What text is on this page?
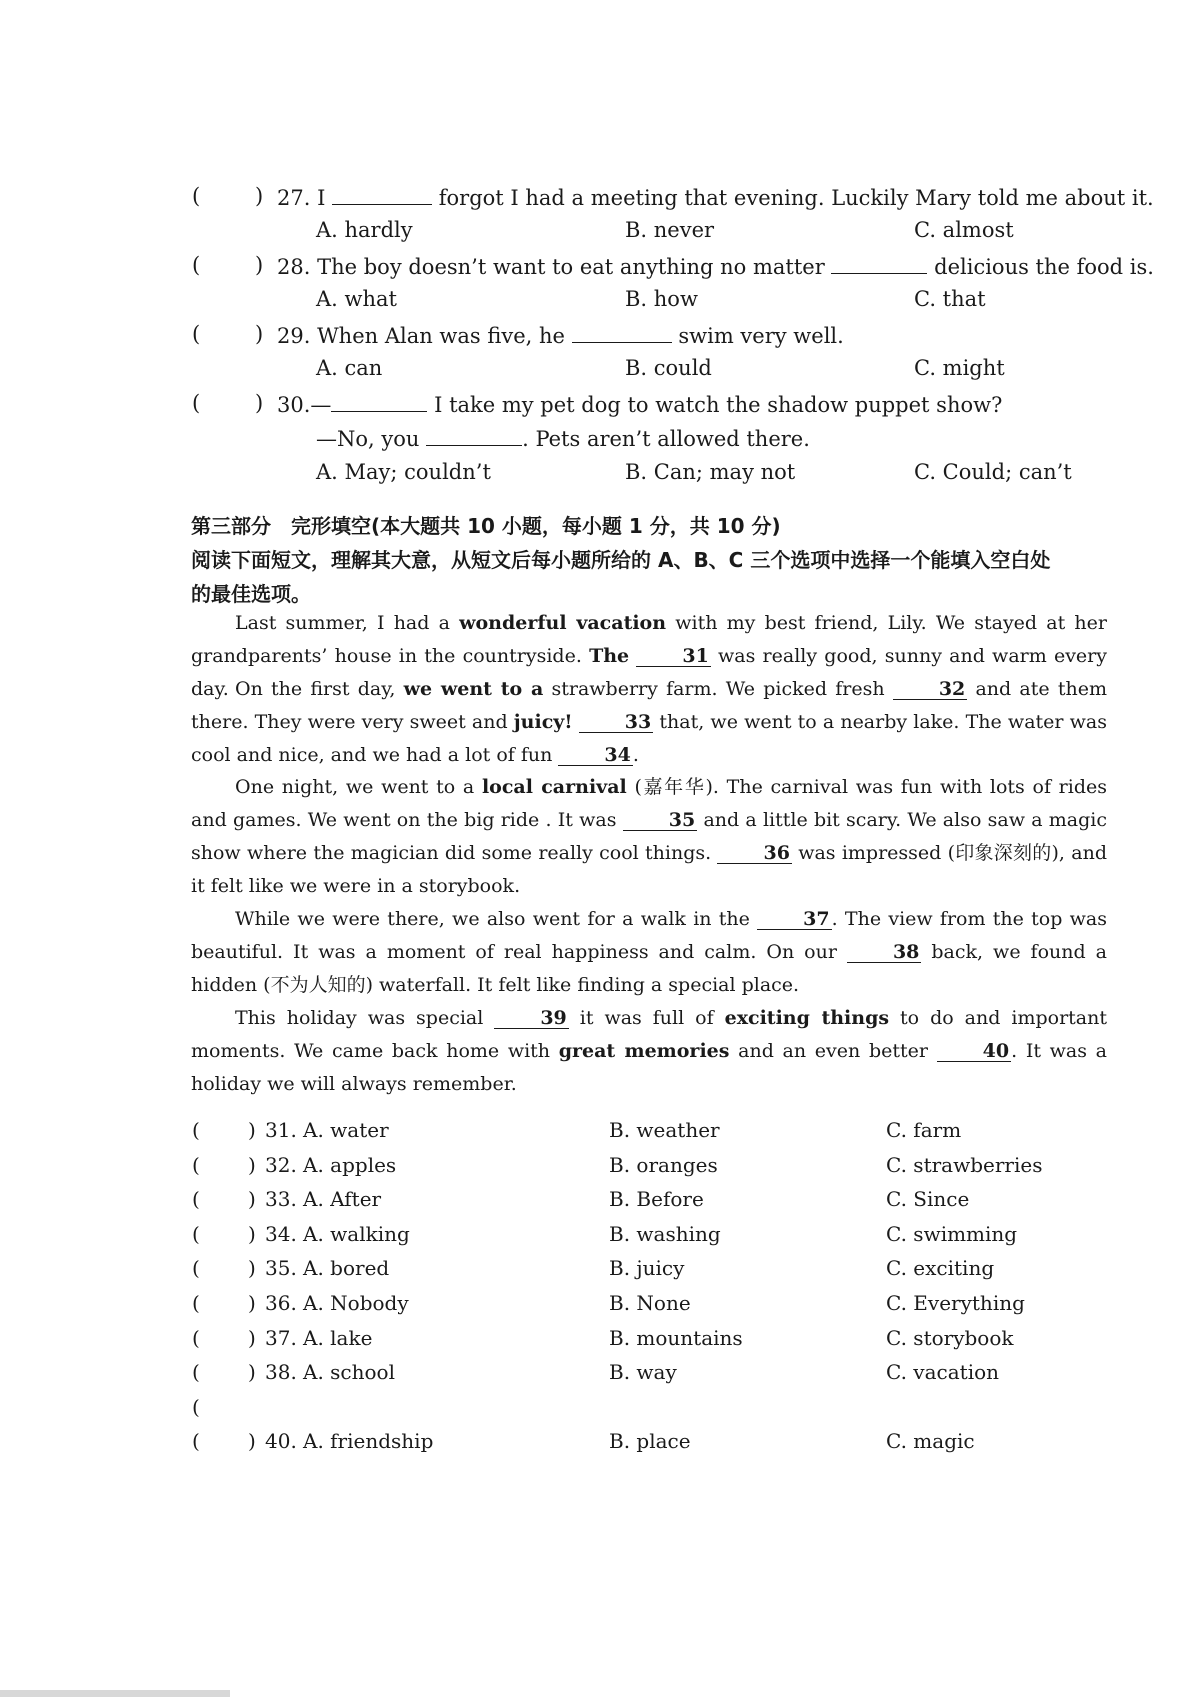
(	) 27. I	forgot I had a meeting that evening. Luckily Mary told me about it.
A. hardly	B. never	C. almost
(	) 28. The boy doesn’t want to eat anything no matter	delicious the food is.
A. what	B. how	C. that
(	) 29. When Alan was five, he	swim very well.
A. can	B. could	C. might
(	) 30.—	I take my pet dog to watch the shadow puppet show?
—No, you	. Pets aren’t allowed there.
A. May; couldn’t	B. Can; may not	C. Could; can’t
第三部分　完形填空(本大题共 10 小题，每小题 1 分，共 10 分)
阅读下面短文，理解其大意，从短文后每小题所给的 A、B、C 三个选项中选择一个能填入空白处
的最佳选项。
Last summer, I had a wonderful vacation with my best friend, Lily. We stayed at her grandparents’ house in the countryside. The	31 was really good, sunny and warm every day. On the first day, we went to a strawberry farm. We picked fresh 32 and ate them there. They were very sweet and juicy!	33 that, we went to a nearby lake. The water was cool and nice, and we had a lot of fun 34 .
One night, we went to a local carnival (嘉年华). The carnival was fun with lots of rides and games. We went on the big ride . It was 35 and a little bit scary. We also saw a magic show where the magician did some really cool things. 36 was impressed (印象深刻的), and it felt like we were in a storybook.
While we were there, we also went for a walk in the 37 . The view from the top was beautiful. It was a moment of real happiness and calm. On our 38 back, we found a hidden (不为人知的) waterfall. It felt like finding a special place.
This holiday was special 39 it was full of exciting things to do and important moments. We came back home with great memories and an even better 40 . It was a holiday we will always remember.
( ) 31. A. water	B. weather	C. farm
( ) 32. A. apples	B. oranges	C. strawberries
( ) 33. A. After	B. Before	C. Since
( ) 34. A. walking	B. washing	C. swimming
( ) 35. A. bored	B. juicy	C. exciting
( ) 36. A. Nobody	B. None	C. Everything
( ) 37. A. lake	B. mountains	C. storybook
( ) 38. A. school	B. way	C. vacation
(
( ) 40. A. friendship	B. place	C. magic
